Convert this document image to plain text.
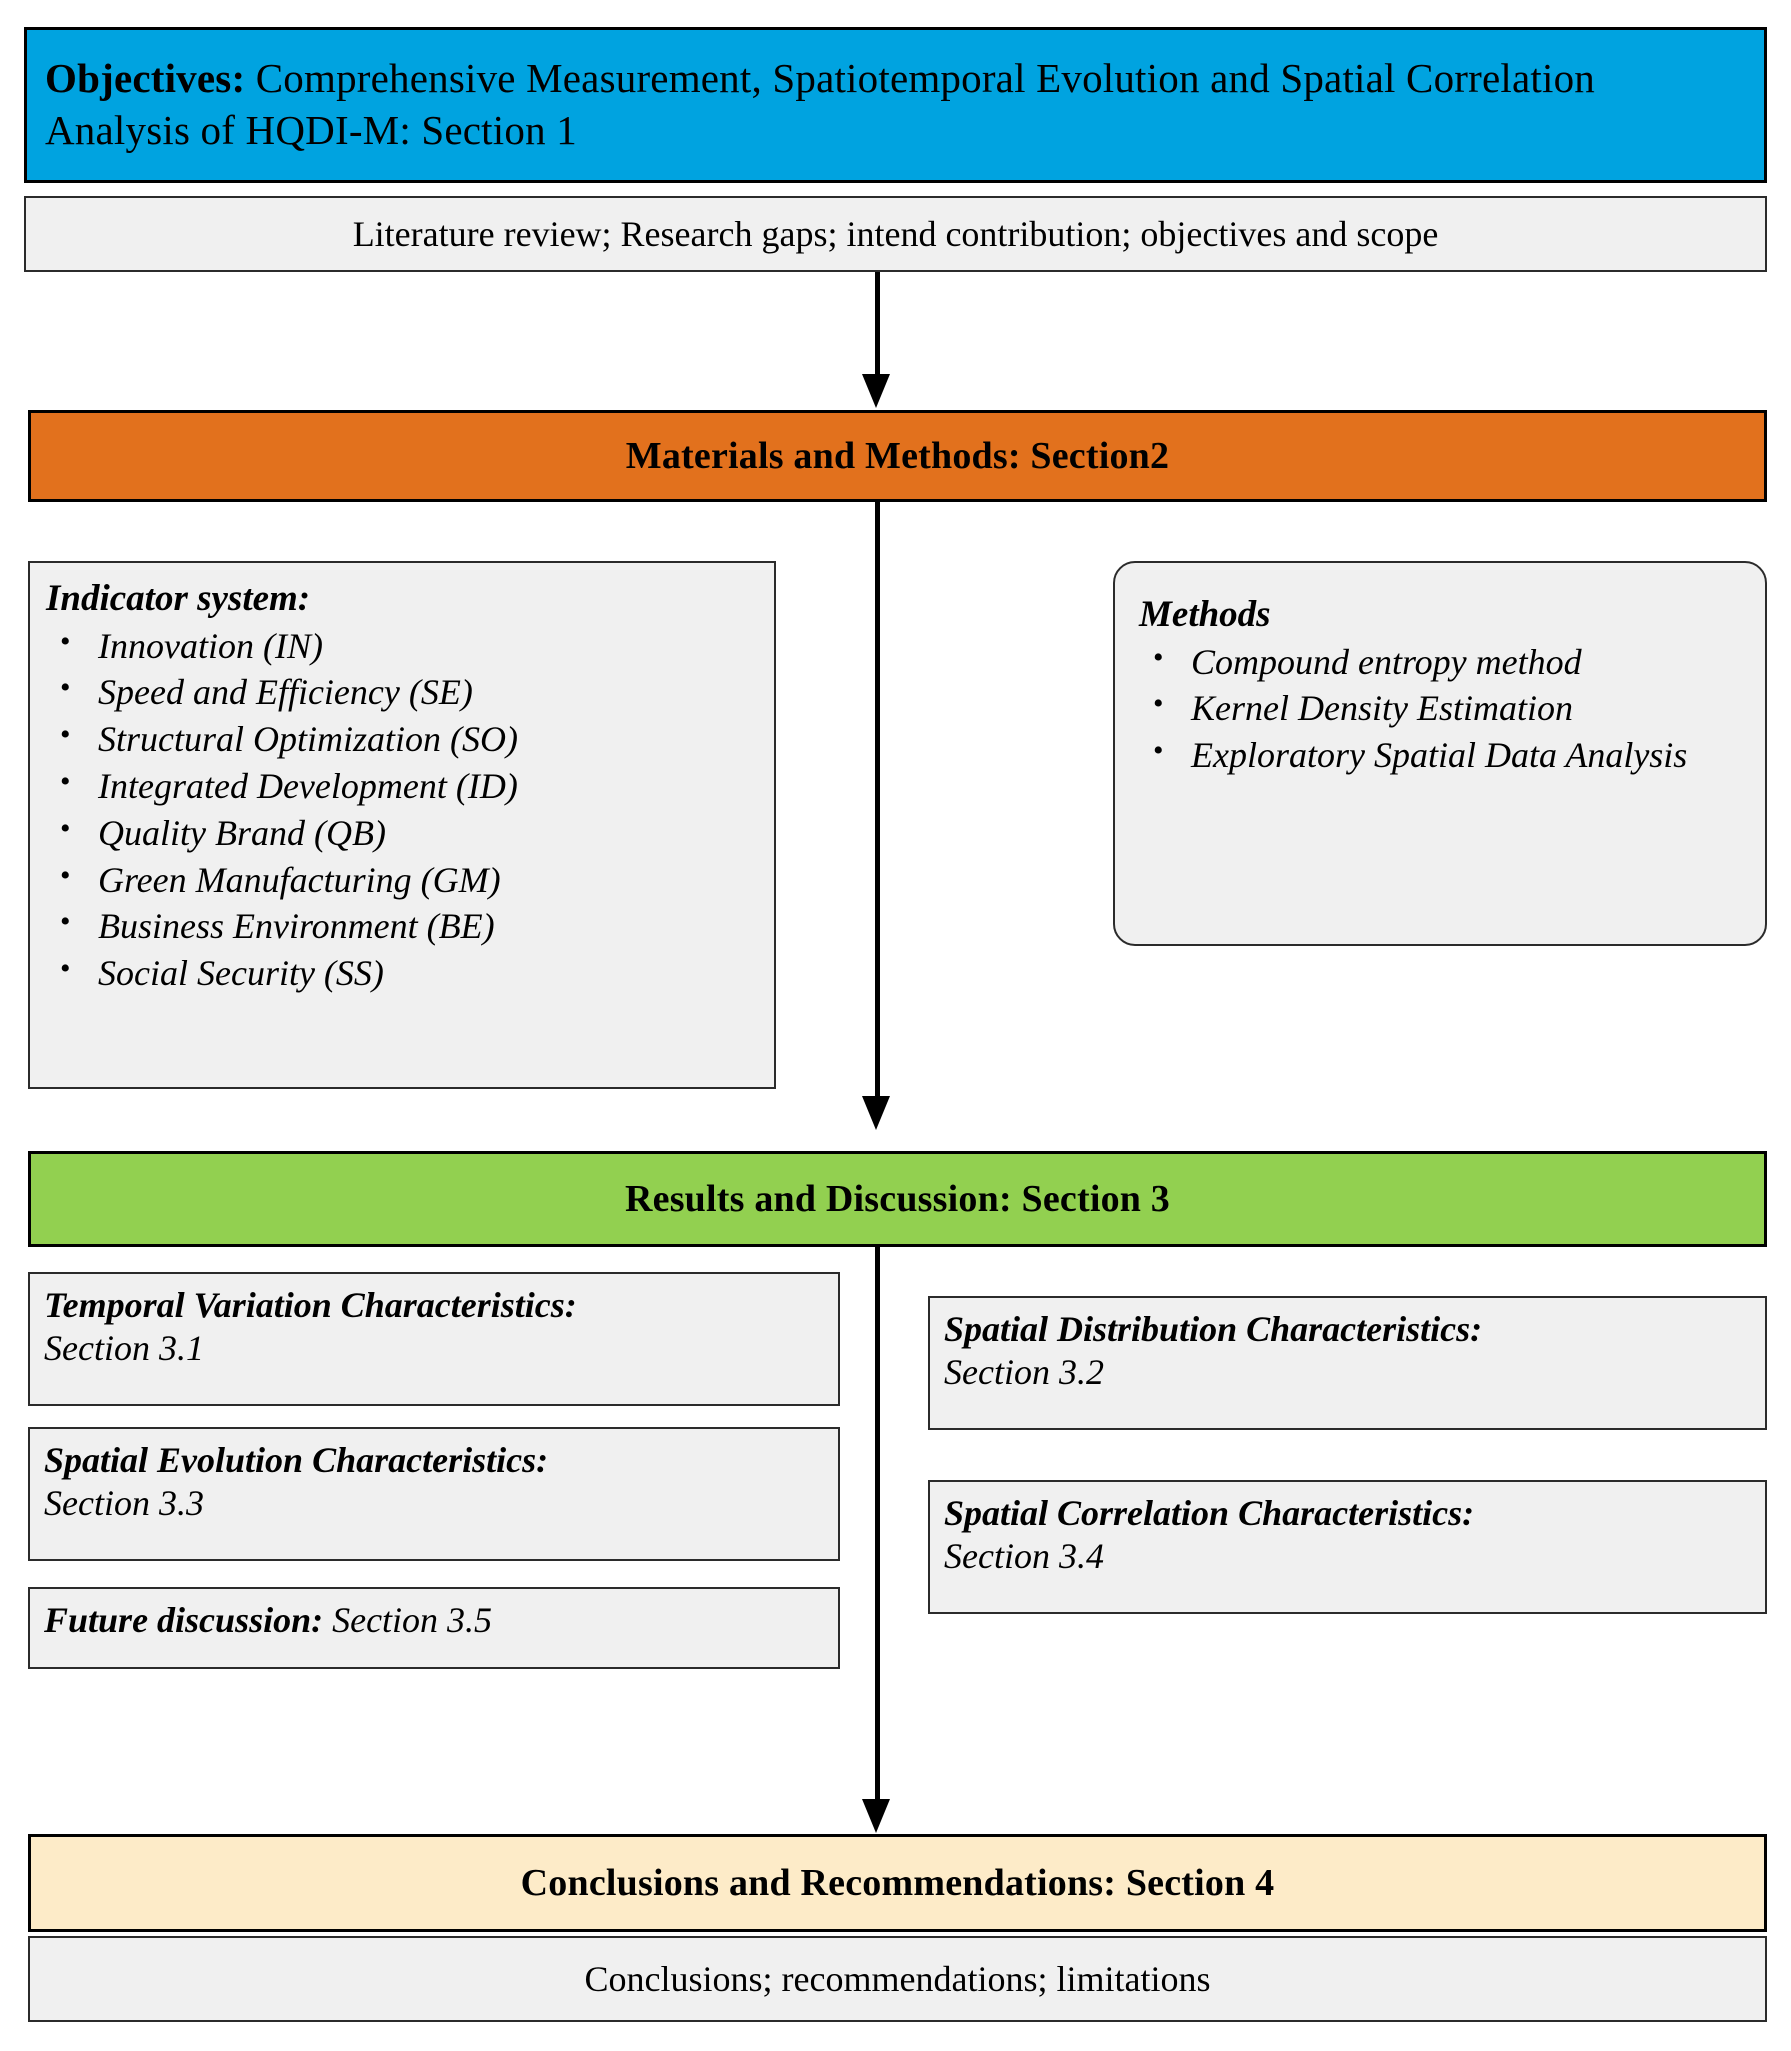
Objectives: Comprehensive Measurement, Spatiotemporal Evolution and Spatial Correlation Analysis of HQDI-M: Section 1
Literature review; Research gaps; intend contribution; objectives and scope
Materials and Methods: Section2
Indicator system:
• Innovation (IN)
• Speed and Efficiency (SE)
• Structural Optimization (SO)
• Integrated Development (ID)
• Quality Brand (QB)
• Green Manufacturing (GM)
• Business Environment (BE)
• Social Security (SS)
Methods
• Compound entropy method
• Kernel Density Estimation
• Exploratory Spatial Data Analysis
Results and Discussion: Section 3
Temporal Variation Characteristics:
Section 3.1
Spatial Evolution Characteristics:
Section 3.3
Future discussion: Section 3.5
Spatial Distribution Characteristics:
Section 3.2
Spatial Correlation Characteristics:
Section 3.4
Conclusions and Recommendations: Section 4
Conclusions; recommendations; limitations
